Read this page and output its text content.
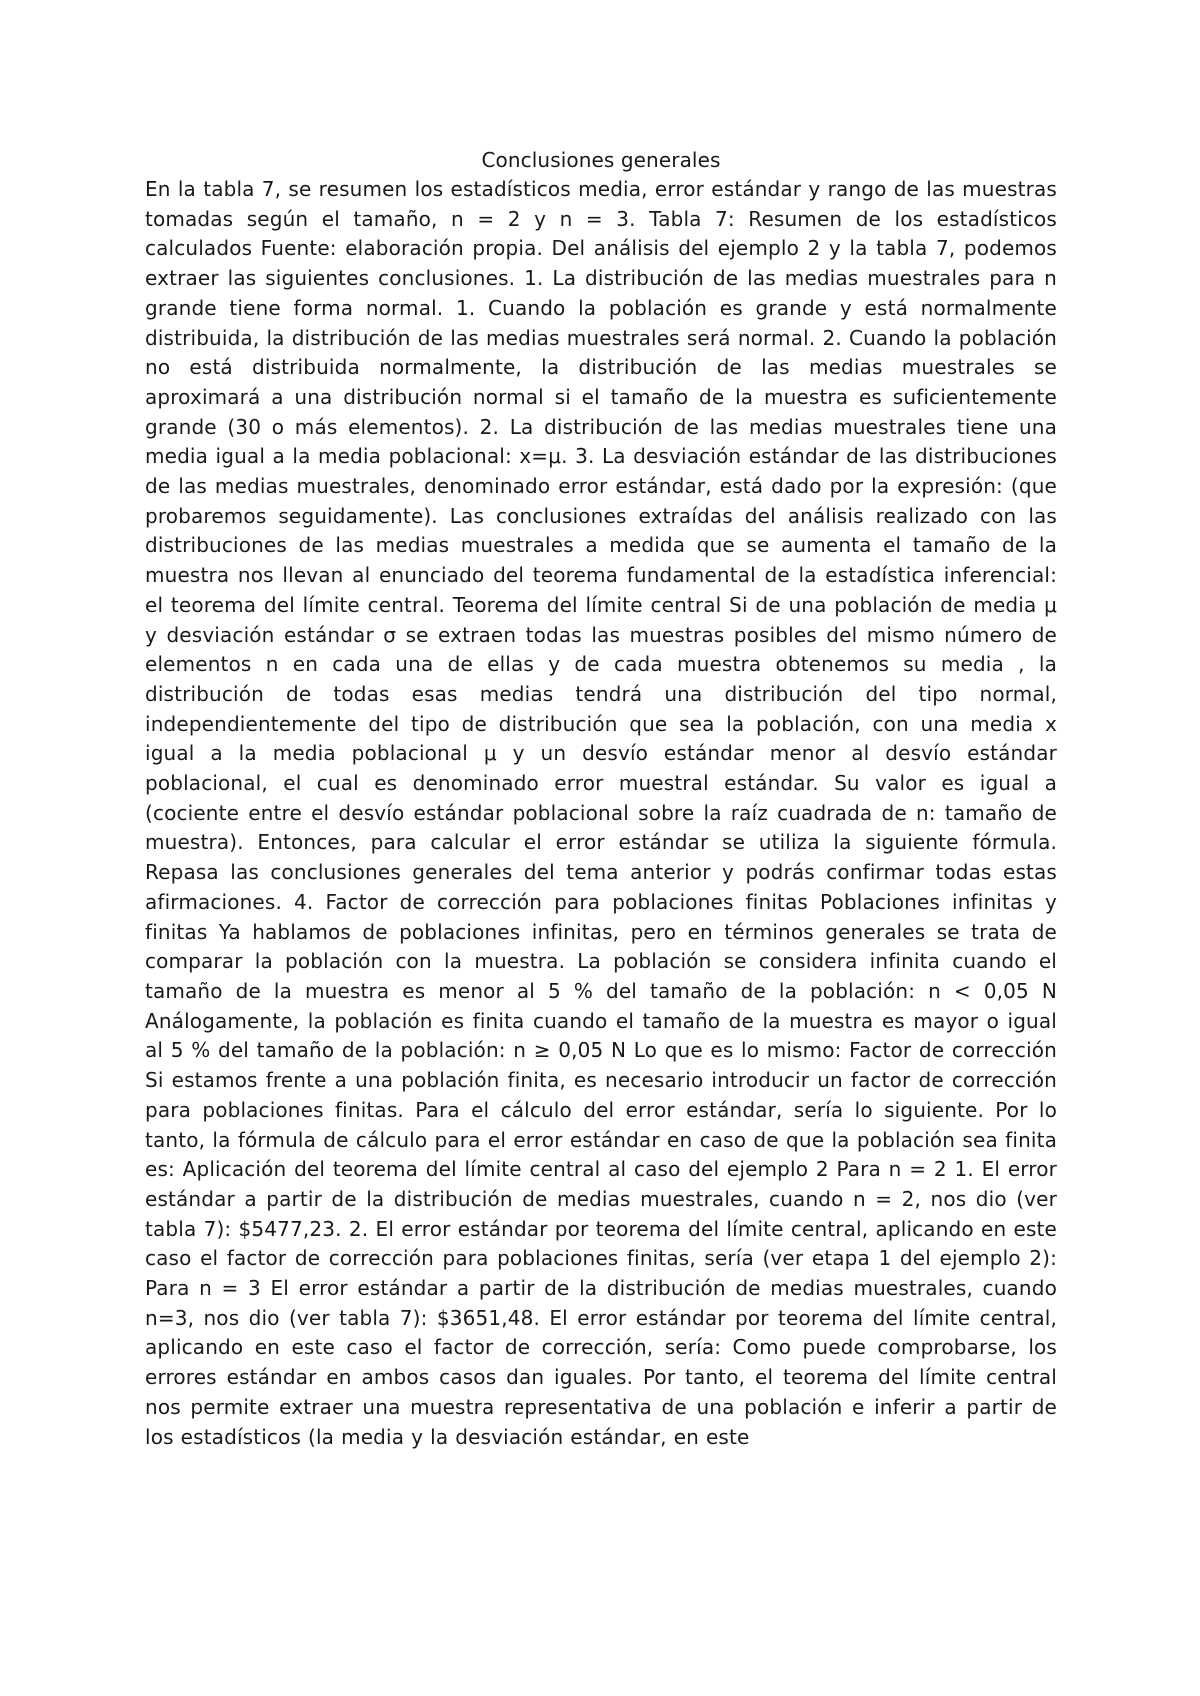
Conclusiones generales

En la tabla 7, se resumen los estadísticos media, error estándar y rango de las muestras tomadas según el tamaño, n = 2 y n = 3. Tabla 7: Resumen de los estadísticos calculados Fuente: elaboración propia. Del análisis del ejemplo 2 y la tabla 7, podemos extraer las siguientes conclusiones. 1. La distribución de las medias muestrales para n grande tiene forma normal. 1. Cuando la población es grande y está normalmente distribuida, la distribución de las medias muestrales será normal. 2. Cuando la población no está distribuida normalmente, la distribución de las medias muestrales se aproximará a una distribución normal si el tamaño de la muestra es suficientemente grande (30 o más elementos). 2. La distribución de las medias muestrales tiene una media igual a la media poblacional: x=μ. 3. La desviación estándar de las distribuciones de las medias muestrales, denominado error estándar, está dado por la expresión: (que probaremos seguidamente). Las conclusiones extraídas del análisis realizado con las distribuciones de las medias muestrales a medida que se aumenta el tamaño de la muestra nos llevan al enunciado del teorema fundamental de la estadística inferencial: el teorema del límite central. Teorema del límite central Si de una población de media μ y desviación estándar σ se extraen todas las muestras posibles del mismo número de elementos n en cada una de ellas y de cada muestra obtenemos su media , la distribución de todas esas medias tendrá una distribución del tipo normal, independientemente del tipo de distribución que sea la población, con una media x igual a la media poblacional μ y un desvío estándar menor al desvío estándar poblacional, el cual es denominado error muestral estándar. Su valor es igual a (cociente entre el desvío estándar poblacional sobre la raíz cuadrada de n: tamaño de muestra). Entonces, para calcular el error estándar se utiliza la siguiente fórmula. Repasa las conclusiones generales del tema anterior y podrás confirmar todas estas afirmaciones. 4. Factor de corrección para poblaciones finitas Poblaciones infinitas y finitas Ya hablamos de poblaciones infinitas, pero en términos generales se trata de comparar la población con la muestra. La población se considera infinita cuando el tamaño de la muestra es menor al 5 % del tamaño de la población: n < 0,05 N Análogamente, la población es finita cuando el tamaño de la muestra es mayor o igual al 5 % del tamaño de la población: n ≥ 0,05 N Lo que es lo mismo: Factor de corrección Si estamos frente a una población finita, es necesario introducir un factor de corrección para poblaciones finitas. Para el cálculo del error estándar, sería lo siguiente. Por lo tanto, la fórmula de cálculo para el error estándar en caso de que la población sea finita es: Aplicación del teorema del límite central al caso del ejemplo 2 Para n = 2 1. El error estándar a partir de la distribución de medias muestrales, cuando n = 2, nos dio (ver tabla 7): $5477,23. 2. El error estándar por teorema del límite central, aplicando en este caso el factor de corrección para poblaciones finitas, sería (ver etapa 1 del ejemplo 2): Para n = 3 El error estándar a partir de la distribución de medias muestrales, cuando n=3, nos dio (ver tabla 7): $3651,48. El error estándar por teorema del límite central, aplicando en este caso el factor de corrección, sería: Como puede comprobarse, los errores estándar en ambos casos dan iguales. Por tanto, el teorema del límite central nos permite extraer una muestra representativa de una población e inferir a partir de los estadísticos (la media y la desviación estándar, en este
